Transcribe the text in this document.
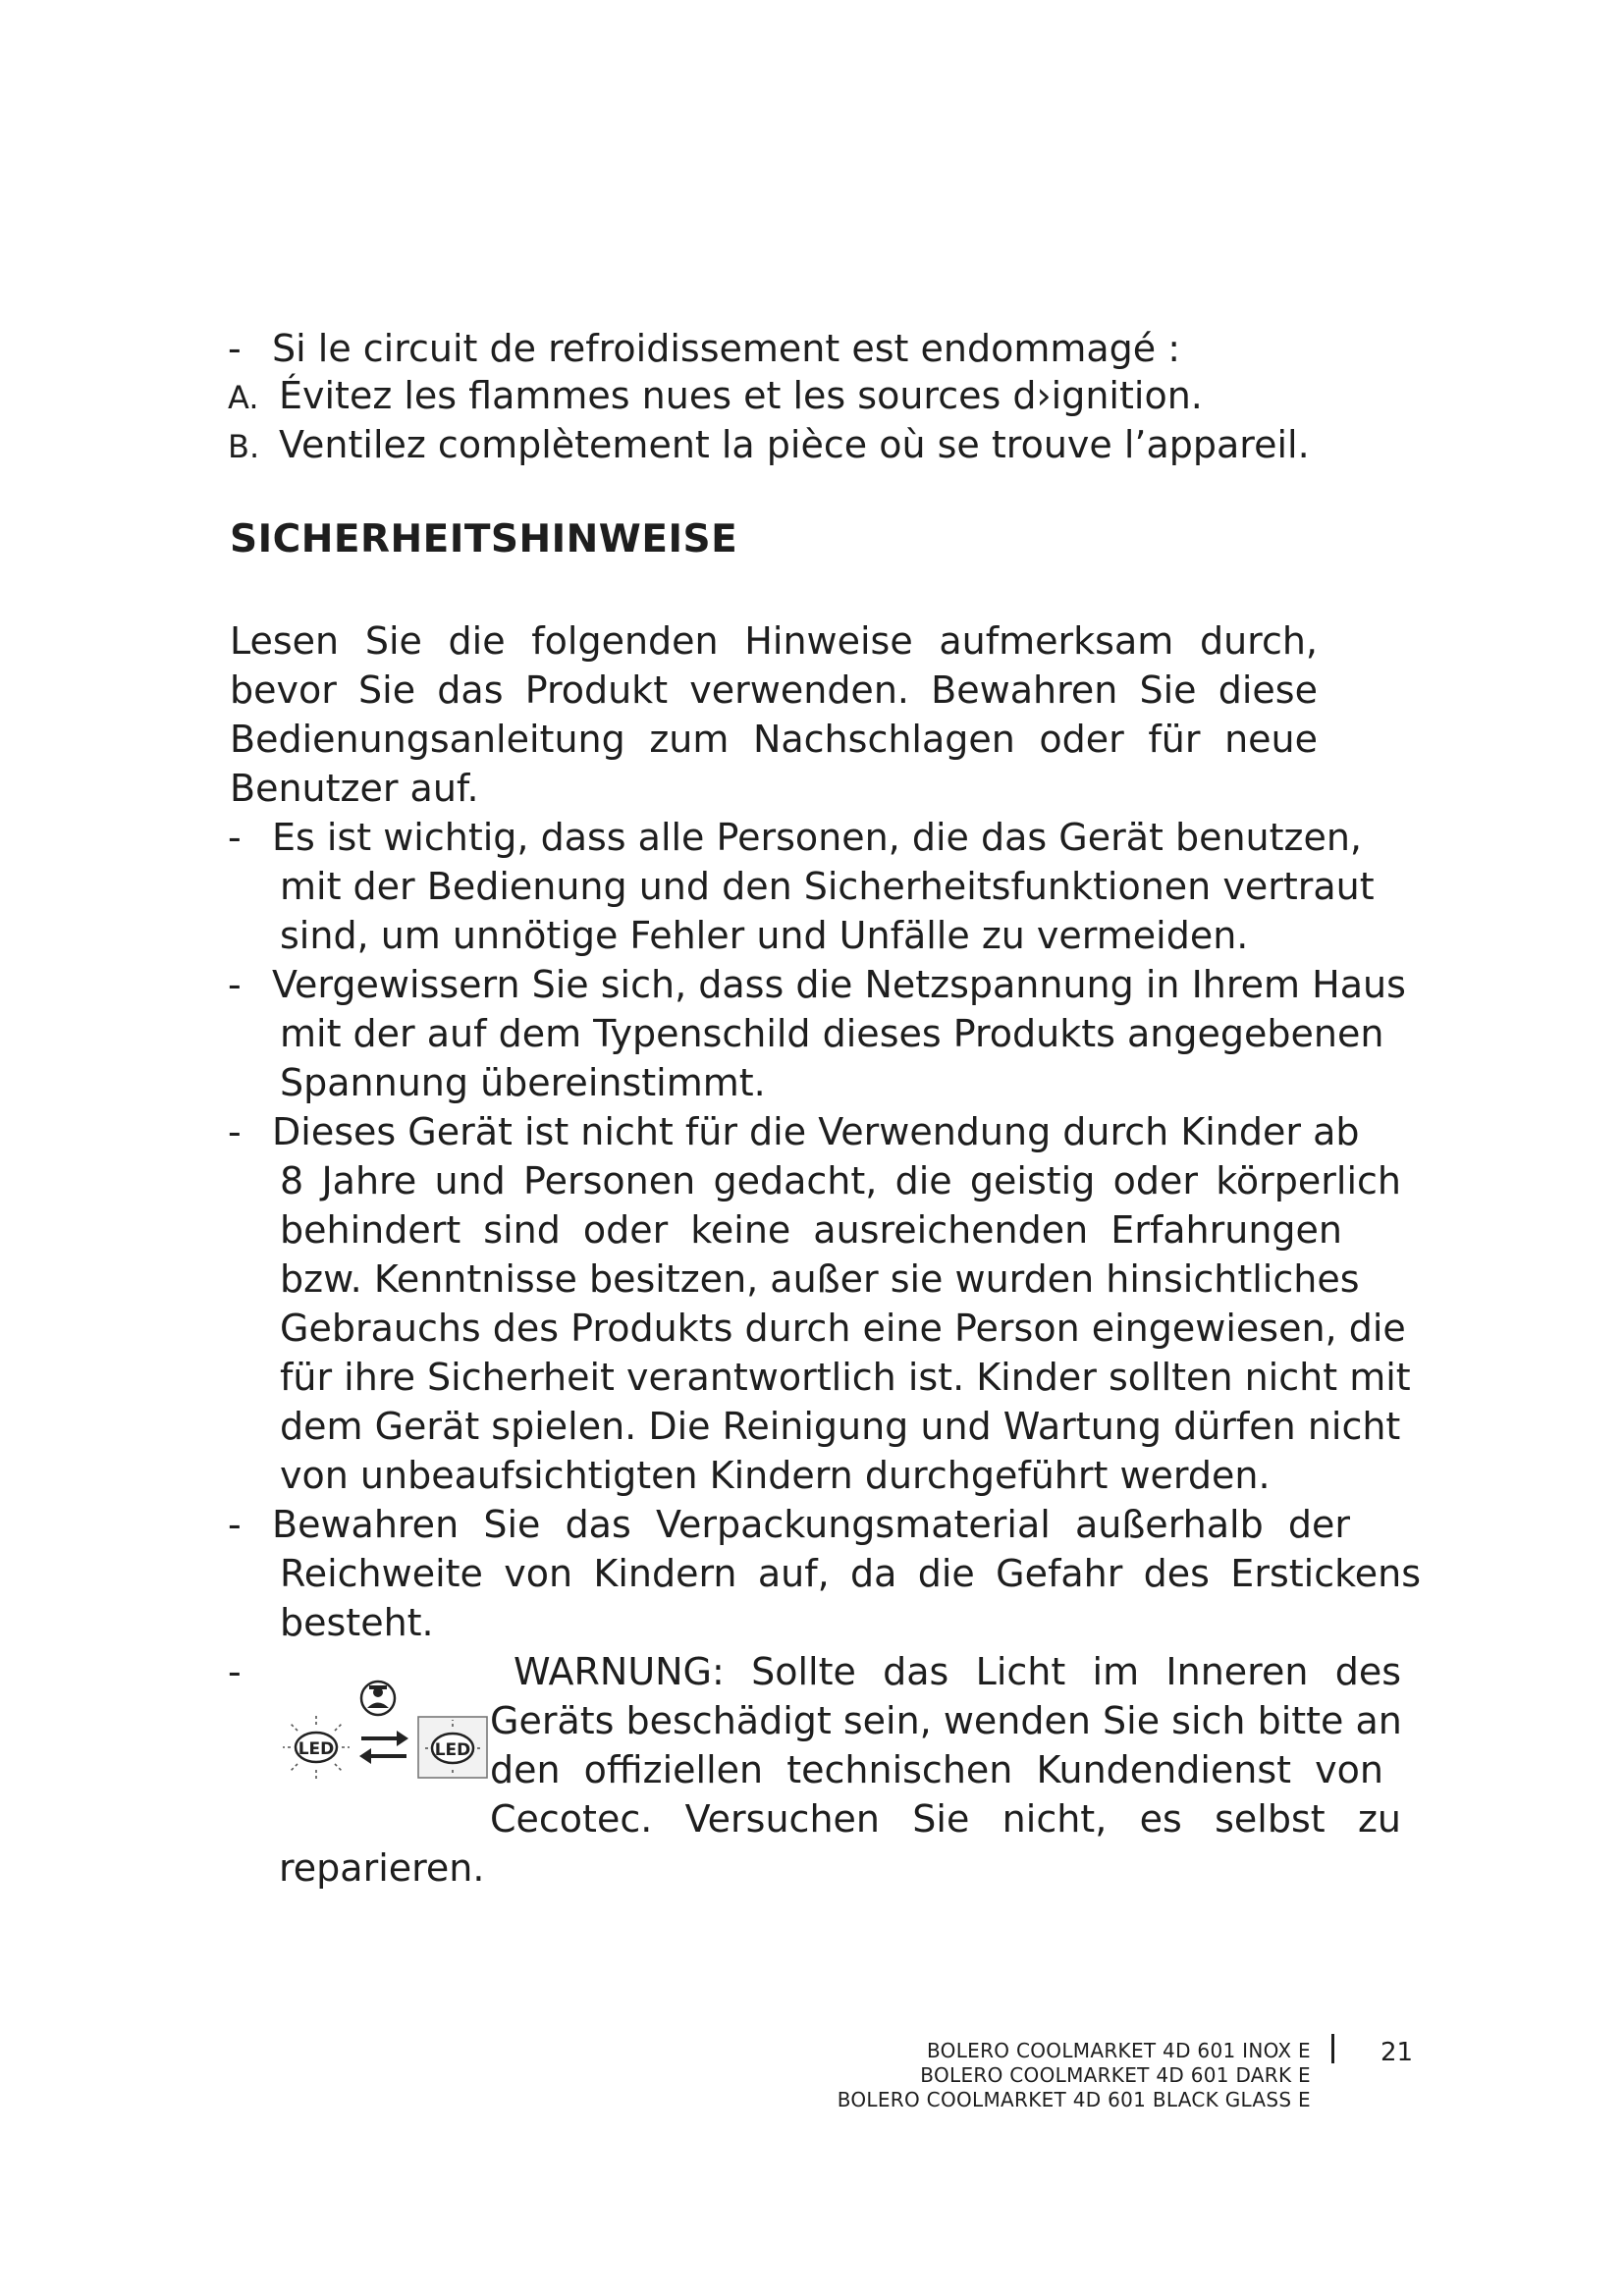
- Si le circuit de refroidissement est endommagé :
A. Évitez les flammes nues et les sources d›ignition.
B. Ventilez complètement la pièce où se trouve l’appareil.
SICHERHEITSHINWEISE
Lesen Sie die folgenden Hinweise aufmerksam durch,
bevor Sie das Produkt verwenden. Bewahren Sie diese
Bedienungsanleitung zum Nachschlagen oder für neue
Benutzer auf.
- Es ist wichtig, dass alle Personen, die das Gerät benutzen,
mit der Bedienung und den Sicherheitsfunktionen vertraut
sind, um unnötige Fehler und Unfälle zu vermeiden.
- Vergewissern Sie sich, dass die Netzspannung in Ihrem Haus
mit der auf dem Typenschild dieses Produkts angegebenen
Spannung übereinstimmt.
- Dieses Gerät ist nicht für die Verwendung durch Kinder ab
8 Jahre und Personen gedacht, die geistig oder körperlich
behindert sind oder keine ausreichenden Erfahrungen
bzw. Kenntnisse besitzen, außer sie wurden hinsichtliches
Gebrauchs des Produkts durch eine Person eingewiesen, die
für ihre Sicherheit verantwortlich ist. Kinder sollten nicht mit
dem Gerät spielen. Die Reinigung und Wartung dürfen nicht
von unbeaufsichtigten Kindern durchgeführt werden.
- Bewahren Sie das Verpackungsmaterial außerhalb der
Reichweite von Kindern auf, da die Gefahr des Erstickens
besteht.
-
LED	LED
WARNUNG: Sollte das Licht im Inneren des
Geräts beschädigt sein, wenden Sie sich bitte an
den offiziellen technischen Kundendienst von
Cecotec. Versuchen Sie nicht, es selbst zu
reparieren.
BOLERO COOLMARKET 4D 601 INOX E
BOLERO COOLMARKET 4D 601 DARK E
BOLERO COOLMARKET 4D 601 BLACK GLASS E
21
